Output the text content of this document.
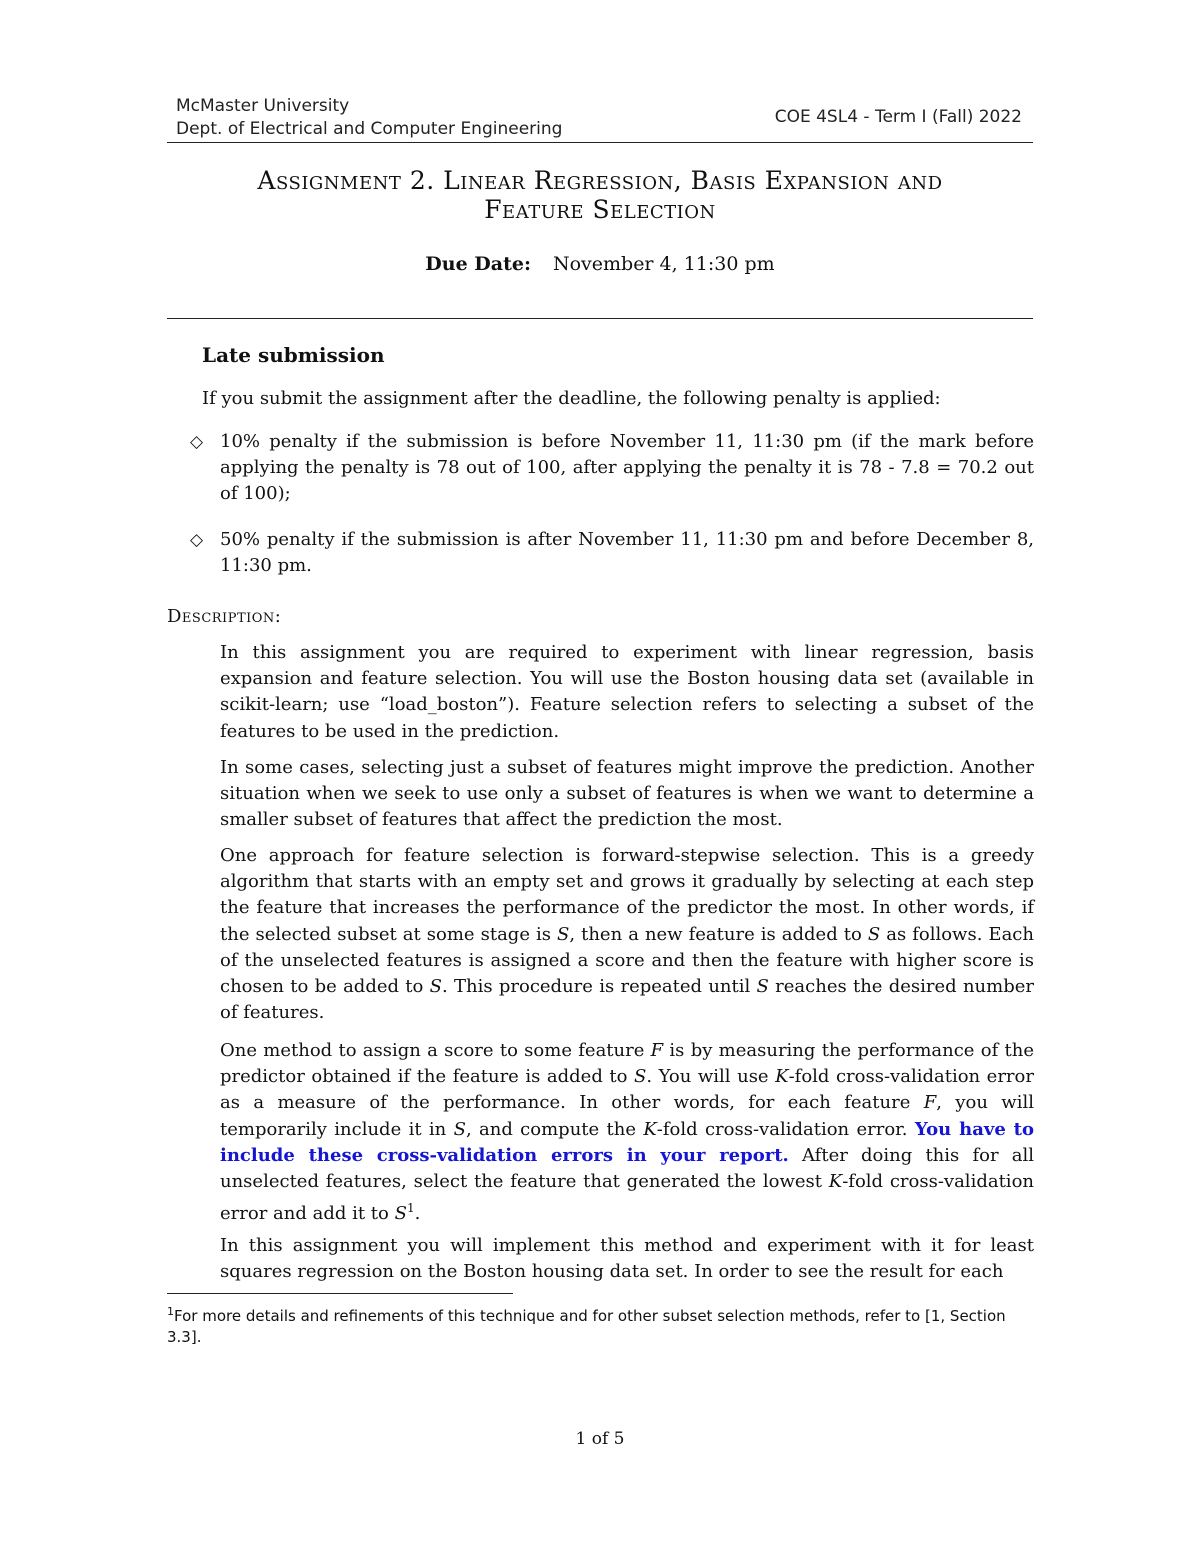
McMaster University
Dept. of Electrical and Computer Engineering
COE 4SL4 - Term I (Fall) 2022
Assignment 2. Linear Regression, Basis Expansion and
Feature Selection
Due Date: November 4, 11:30 pm
Late submission
If you submit the assignment after the deadline, the following penalty is applied:
◇ 10% penalty if the submission is before November 11, 11:30 pm (if the mark before applying the penalty is 78 out of 100, after applying the penalty it is 78 - 7.8 = 70.2 out of 100);
◇ 50% penalty if the submission is after November 11, 11:30 pm and before December 8, 11:30 pm.
Description:
In this assignment you are required to experiment with linear regression, basis expansion and feature selection. You will use the Boston housing data set (available in scikit-learn; use “load_boston”). Feature selection refers to selecting a subset of the features to be used in the prediction.
In some cases, selecting just a subset of features might improve the prediction. Another situation when we seek to use only a subset of features is when we want to determine a smaller subset of features that affect the prediction the most.
One approach for feature selection is forward-stepwise selection. This is a greedy algorithm that starts with an empty set and grows it gradually by selecting at each step the feature that increases the performance of the predictor the most. In other words, if the selected subset at some stage is S, then a new feature is added to S as follows. Each of the unselected features is assigned a score and then the feature with higher score is chosen to be added to S. This procedure is repeated until S reaches the desired number of features.
One method to assign a score to some feature F is by measuring the performance of the predictor obtained if the feature is added to S. You will use K-fold cross-validation error as a measure of the performance. In other words, for each feature F, you will temporarily include it in S, and compute the K-fold cross-validation error. You have to include these cross-validation errors in your report. After doing this for all unselected features, select the feature that generated the lowest K-fold cross-validation error and add it to $S^1$.
In this assignment you will implement this method and experiment with it for least squares regression on the Boston housing data set. In order to see the result for each
$^1$For more details and refinements of this technique and for other subset selection methods, refer to [1, Section 3.3].
1 of 5
